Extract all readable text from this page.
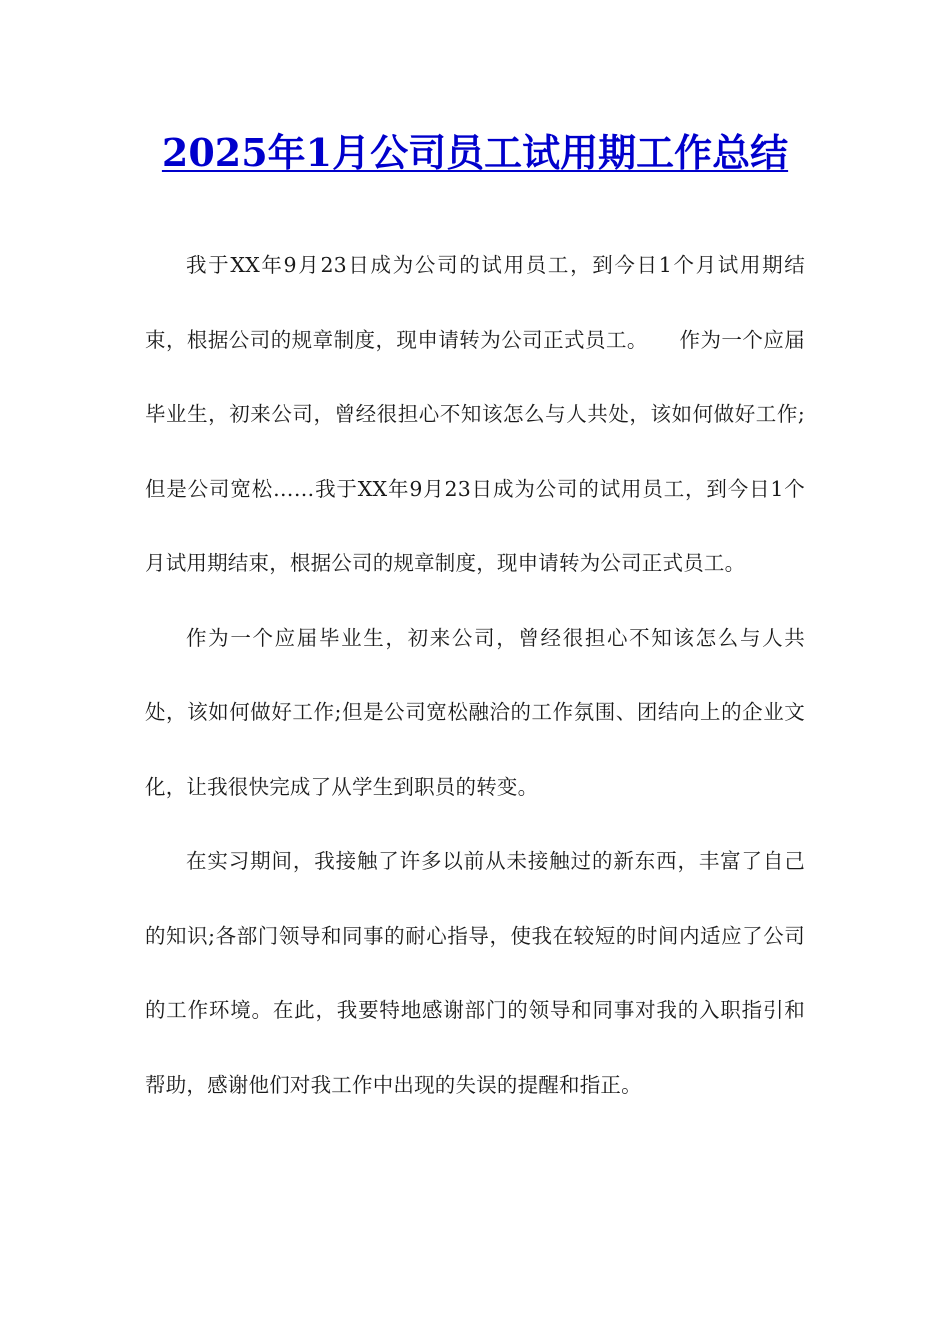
2025年1月公司员工试用期工作总结

我于XX年9月23日成为公司的试用员工，到今日1个月试用期结束，根据公司的规章制度，现申请转为公司正式员工。　　作为一个应届毕业生，初来公司，曾经很担心不知该怎么与人共处，该如何做好工作;但是公司宽松……我于XX年9月23日成为公司的试用员工，到今日1个月试用期结束，根据公司的规章制度，现申请转为公司正式员工。

作为一个应届毕业生，初来公司，曾经很担心不知该怎么与人共处，该如何做好工作;但是公司宽松融洽的工作氛围、团结向上的企业文化，让我很快完成了从学生到职员的转变。

在实习期间，我接触了许多以前从未接触过的新东西，丰富了自己的知识;各部门领导和同事的耐心指导，使我在较短的时间内适应了公司的工作环境。在此，我要特地感谢部门的领导和同事对我的入职指引和帮助，感谢他们对我工作中出现的失误的提醒和指正。
